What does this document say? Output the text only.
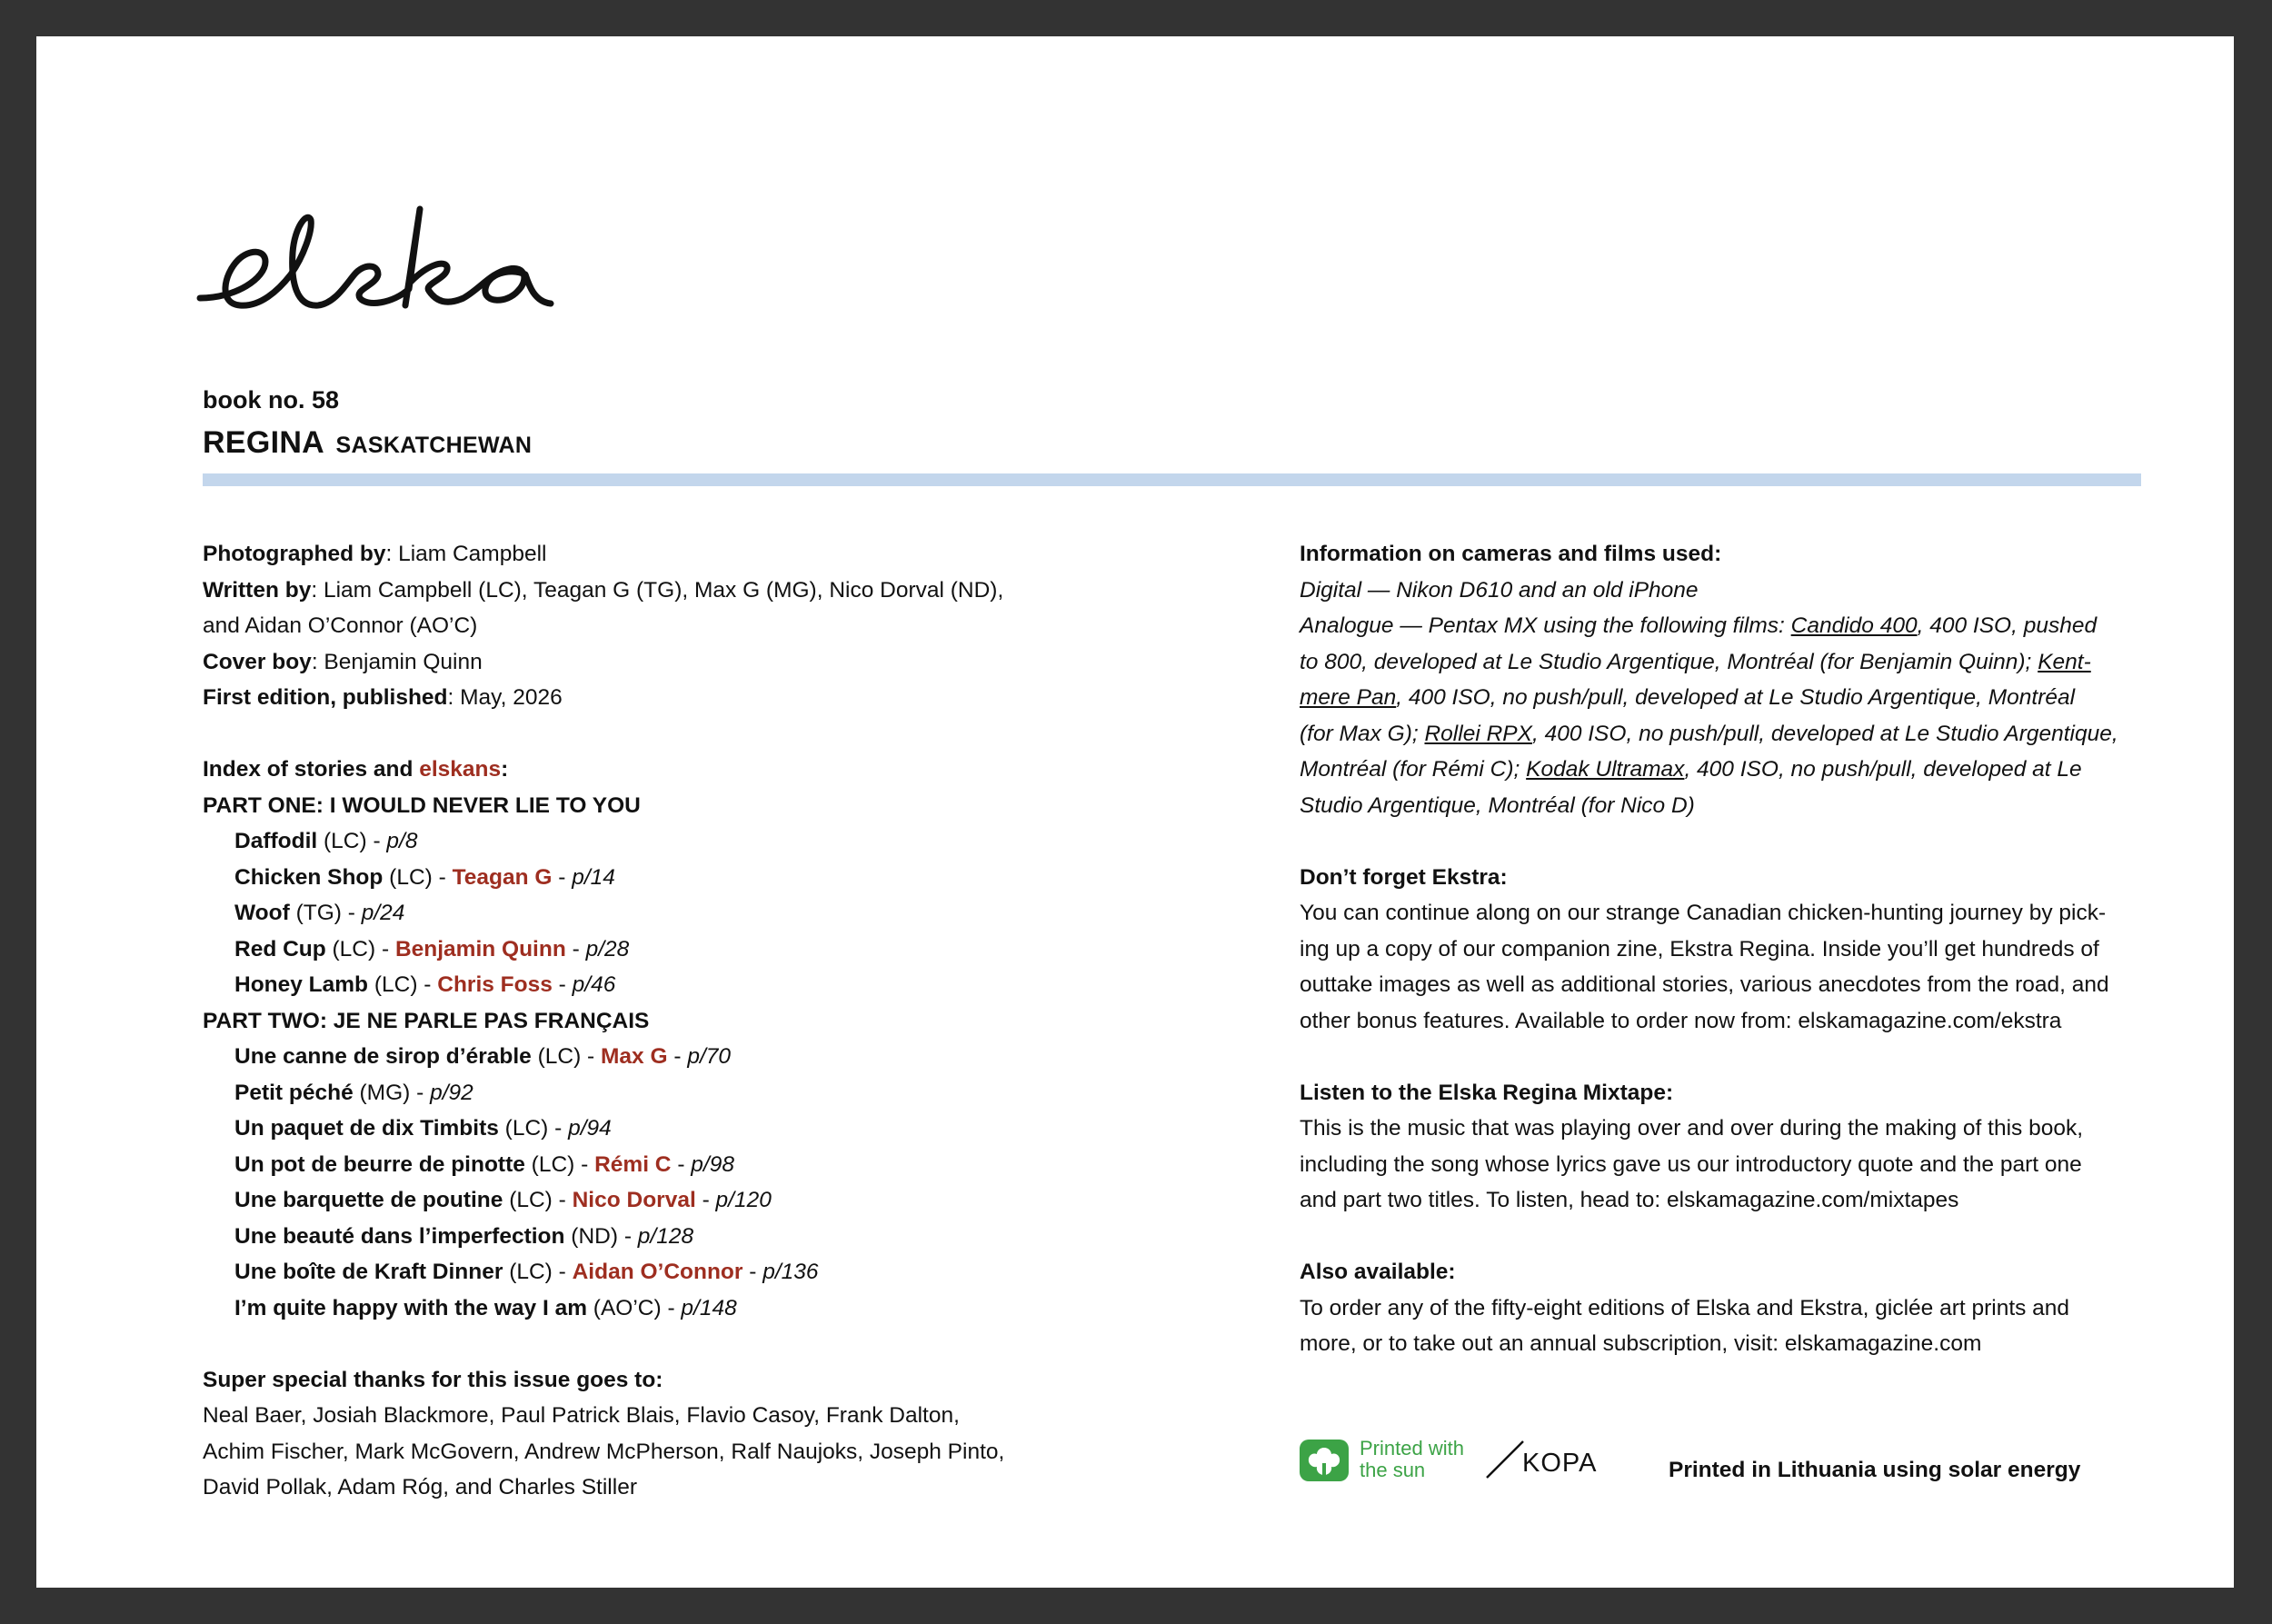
book no. 58
REGINA SASKATCHEWAN
Photographed by: Liam Campbell
Written by: Liam Campbell (LC), Teagan G (TG), Max G (MG), Nico Dorval (ND),
and Aidan O’Connor (AO’C)
Cover boy: Benjamin Quinn
First edition, published: May, 2026
Index of stories and elskans:
PART ONE: I WOULD NEVER LIE TO YOU
Daffodil (LC) - p/8
Chicken Shop (LC) - Teagan G - p/14
Woof (TG) - p/24
Red Cup (LC) - Benjamin Quinn - p/28
Honey Lamb (LC) - Chris Foss - p/46
PART TWO: JE NE PARLE PAS FRANÇAIS
Une canne de sirop d’érable (LC) - Max G - p/70
Petit péché (MG) - p/92
Un paquet de dix Timbits (LC) - p/94
Un pot de beurre de pinotte (LC) - Rémi C - p/98
Une barquette de poutine (LC) - Nico Dorval - p/120
Une beauté dans l’imperfection (ND) - p/128
Une boîte de Kraft Dinner (LC) - Aidan O’Connor - p/136
I’m quite happy with the way I am (AO’C) - p/148
Super special thanks for this issue goes to:
Neal Baer, Josiah Blackmore, Paul Patrick Blais, Flavio Casoy, Frank Dalton,
Achim Fischer, Mark McGovern, Andrew McPherson, Ralf Naujoks, Joseph Pinto,
David Pollak, Adam Róg, and Charles Stiller
Information on cameras and films used:
Digital — Nikon D610 and an old iPhone
Analogue — Pentax MX using the following films: Candido 400, 400 ISO, pushed
to 800, developed at Le Studio Argentique, Montréal (for Benjamin Quinn); Kent-
mere Pan, 400 ISO, no push/pull, developed at Le Studio Argentique, Montréal
(for Max G); Rollei RPX, 400 ISO, no push/pull, developed at Le Studio Argentique,
Montréal (for Rémi C); Kodak Ultramax, 400 ISO, no push/pull, developed at Le
Studio Argentique, Montréal (for Nico D)
Don’t forget Ekstra:
You can continue along on our strange Canadian chicken-hunting journey by pick-
ing up a copy of our companion zine, Ekstra Regina. Inside you’ll get hundreds of
outtake images as well as additional stories, various anecdotes from the road, and
other bonus features. Available to order now from: elskamagazine.com/ekstra
Listen to the Elska Regina Mixtape:
This is the music that was playing over and over during the making of this book,
including the song whose lyrics gave us our introductory quote and the part one
and part two titles. To listen, head to: elskamagazine.com/mixtapes
Also available:
To order any of the fifty-eight editions of Elska and Ekstra, giclée art prints and
more, or to take out an annual subscription, visit: elskamagazine.com
Printed with
the sun	KOPA	Printed in Lithuania using solar energy
